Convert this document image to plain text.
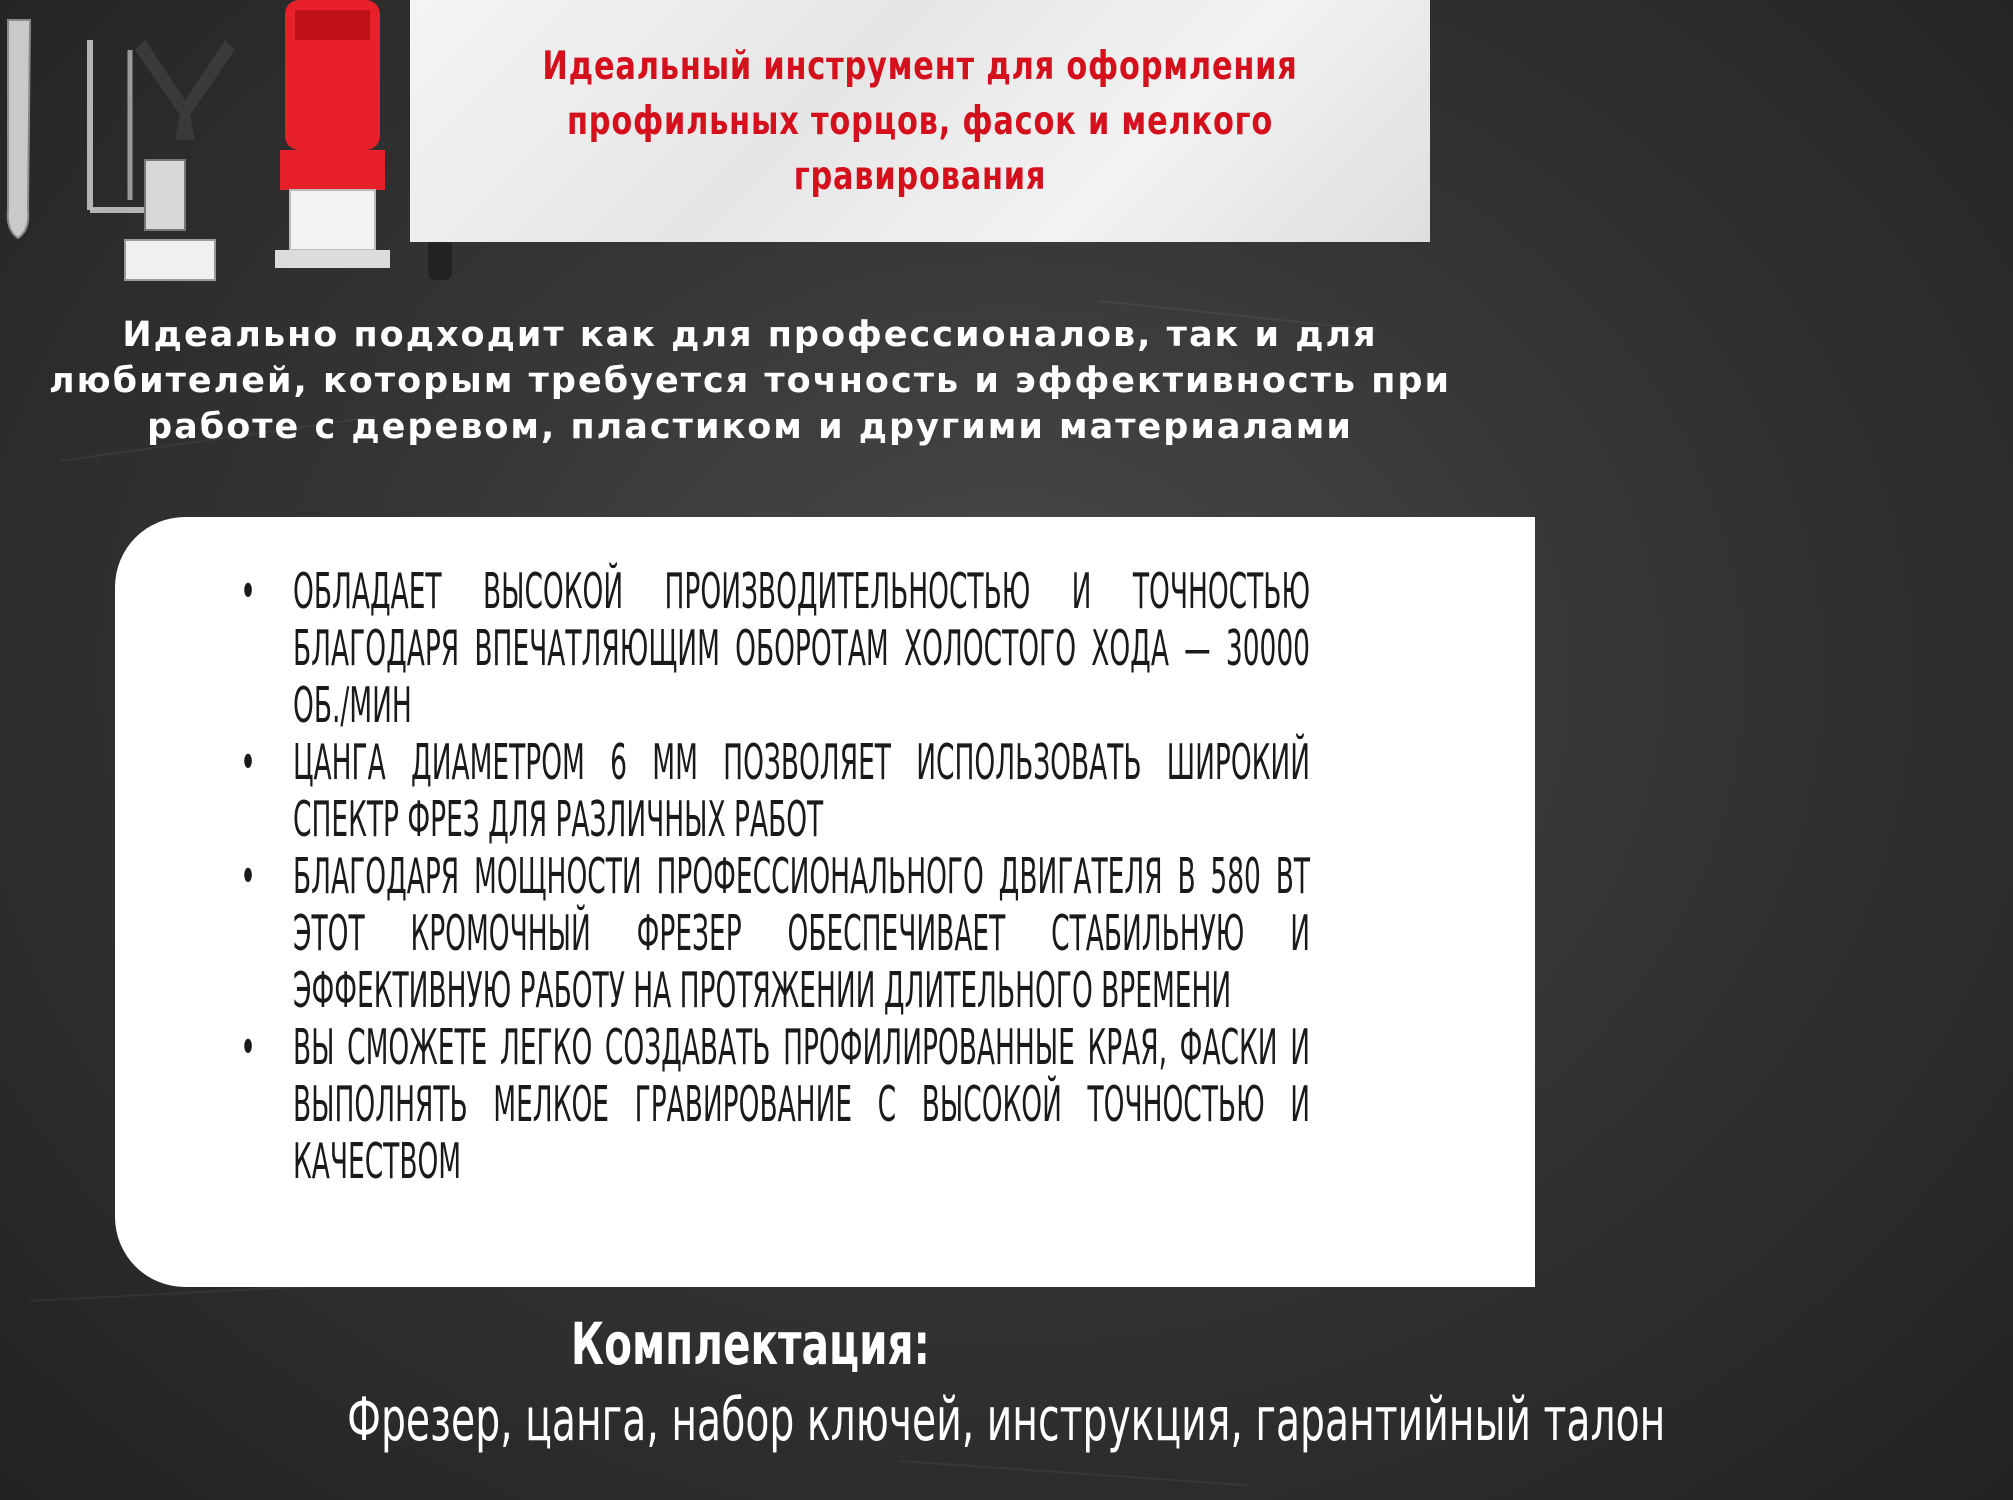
Идеальный инструмент для оформления профильных торцов, фасок и мелкого гравирования

Идеально подходит как для профессионалов, так и для любителей, которым требуется точность и эффективность при работе с деревом, пластиком и другими материалами

• ОБЛАДАЕТ ВЫСОКОЙ ПРОИЗВОДИТЕЛЬНОСТЬЮ И ТОЧНОСТЬЮ БЛАГОДАРЯ ВПЕЧАТЛЯЮЩИМ ОБОРОТАМ ХОЛОСТОГО ХОДА — 30000 ОБ./МИН
• ЦАНГА ДИАМЕТРОМ 6 ММ ПОЗВОЛЯЕТ ИСПОЛЬЗОВАТЬ ШИРОКИЙ СПЕКТР ФРЕЗ ДЛЯ РАЗЛИЧНЫХ РАБОТ
• БЛАГОДАРЯ МОЩНОСТИ ПРОФЕССИОНАЛЬНОГО ДВИГАТЕЛЯ В 580 ВТ ЭТОТ КРОМОЧНЫЙ ФРЕЗЕР ОБЕСПЕЧИВАЕТ СТАБИЛЬНУЮ И ЭФФЕКТИВНУЮ РАБОТУ НА ПРОТЯЖЕНИИ ДЛИТЕЛЬНОГО ВРЕМЕНИ
• ВЫ СМОЖЕТЕ ЛЕГКО СОЗДАВАТЬ ПРОФИЛИРОВАННЫЕ КРАЯ, ФАСКИ И ВЫПОЛНЯТЬ МЕЛКОЕ ГРАВИРОВАНИЕ С ВЫСОКОЙ ТОЧНОСТЬЮ И КАЧЕСТВОМ
Комплектация:
Фрезер, цанга, набор ключей, инструкция, гарантийный талон
